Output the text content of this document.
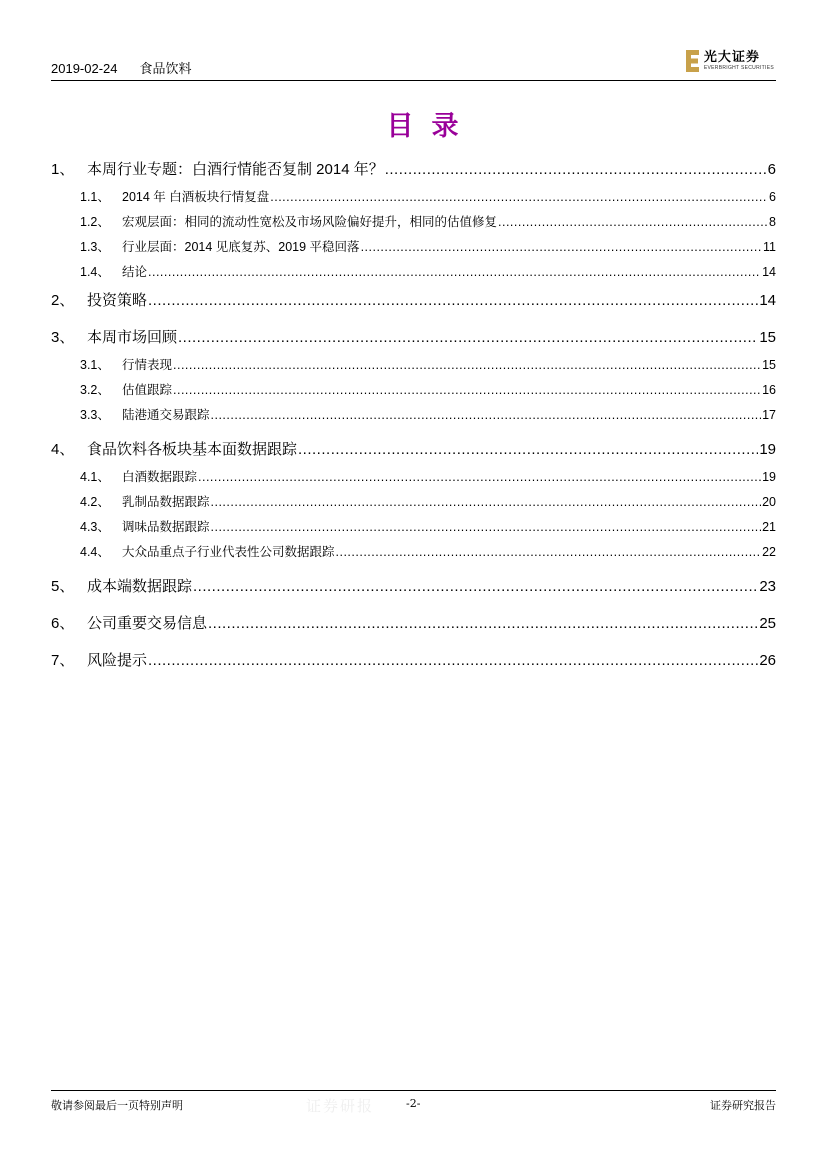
2019-02-24 食品饮料
光大证券
EVERBRIGHT SECURITIES
目录
1、 本周行业专题：白酒行情能否复制 2014 年？ .....	6
1.1、 2014 年 白酒板块行情复盘 .....	6
1.2、 宏观层面：相同的流动性宽松及市场风险偏好提升，相同的估值修复 .....	8
1.3、 行业层面：2014 见底复苏、2019 平稳回落 .....	11
1.4、 结论 .....	14
2、 投资策略 .....	14
3、 本周市场回顾 .....	15
3.1、 行情表现 .....	15
3.2、 估值跟踪 .....	16
3.3、 陆港通交易跟踪 .....	17
4、 食品饮料各板块基本面数据跟踪 .....	19
4.1、 白酒数据跟踪 .....	19
4.2、 乳制品数据跟踪 .....	20
4.3、 调味品数据跟踪 .....	21
4.4、 大众品重点子行业代表性公司数据跟踪 .....	22
5、 成本端数据跟踪 .....	23
6、 公司重要交易信息 .....	25
7、 风险提示 .....	26
敬请参阅最后一页特别声明	证券研报	-2-	证券研究报告
